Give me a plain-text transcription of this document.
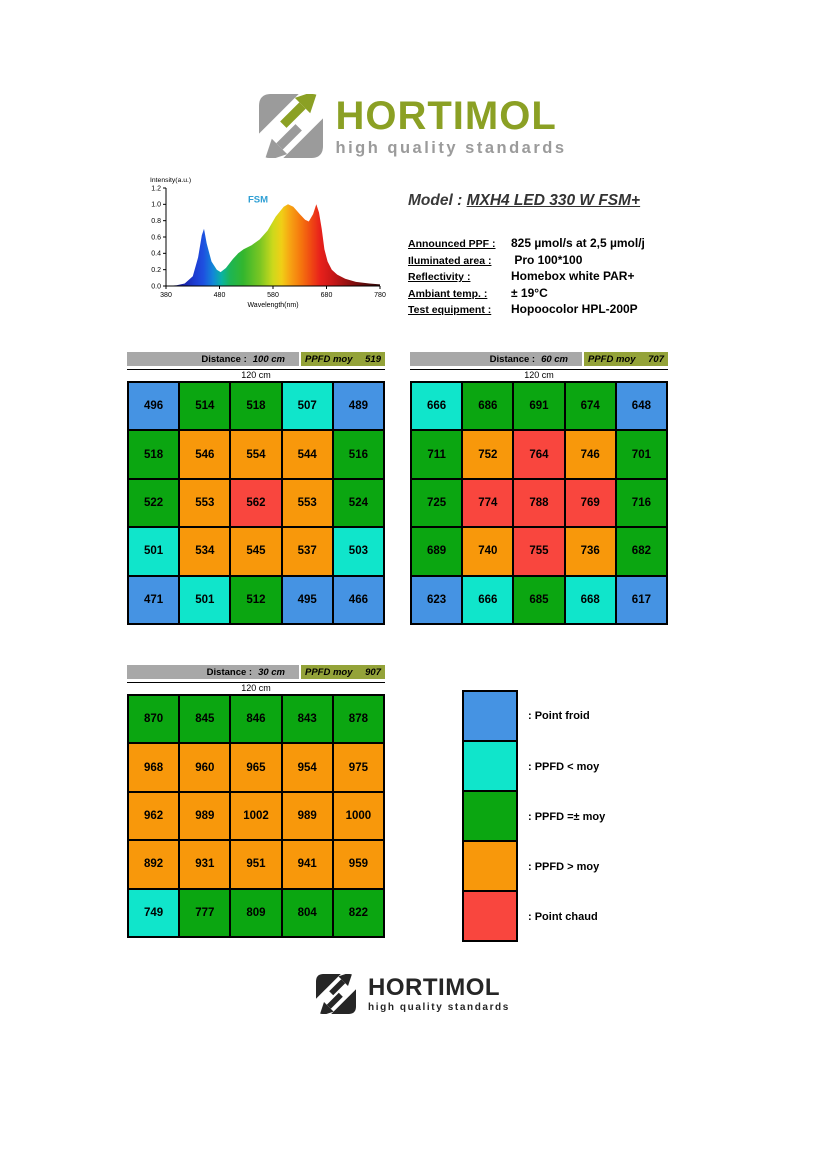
HORTIMOL
high quality standards
0.0
0.2
0.4
0.6
0.8
1.0
1.2
380	480	580	680	780
Intensity(a.u.)
Wavelength(nm)
FSM	Model : MXH4 LED 330 W FSM+
Announced PPF :	825 µmol/s at 2,5 µmol/j
Iluminated area :	Pro 100*100
Reflectivity :	Homebox white PAR+
Ambiant temp. :	± 19°C
Test equipment :	Hopoocolor HPL-200P
Distance : 100 cm PPFD moy 519
120 cm
496	514	518	507	489
518	546	554	544	516
522	553	562	553	524
501	534	545	537	503
471	501	512	495	466
Distance : 60 cm PPFD moy 707
120 cm
666	686	691	674	648
711	752	764	746	701
725	774	788	769	716
689	740	755	736	682
623	666	685	668	617
Distance : 30 cm PPFD moy 907
120 cm
870	845	846	843	878
968	960	965	954	975
962	989	1002	989	1000
892	931	951	941	959
749	777	809	804	822
: Point froid
: PPFD < moy
: PPFD =± moy
: PPFD > moy
: Point chaud
HORTIMOL
high quality standards
